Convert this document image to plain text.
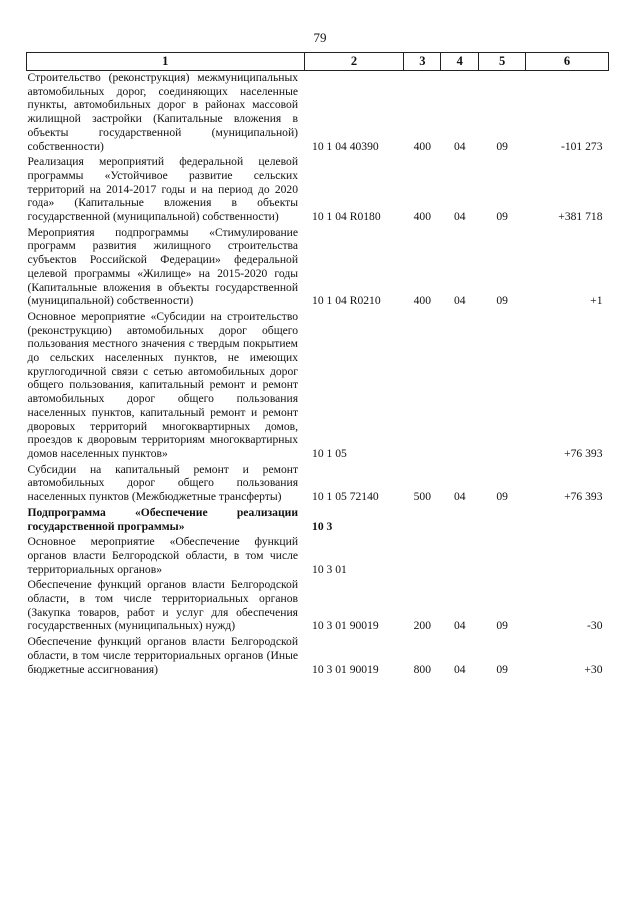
79
1	2	3	4	5	6
Строительство (реконструкция) межмуниципальных автомобильных дорог, соединяющих населенные пункты, автомобильных дорог в районах массовой жилищной застройки (Капитальные вложения в объекты государственной (муниципальной) собственности)	10 1 04 40390	400	04	09	-101 273
Реализация мероприятий федеральной целевой программы «Устойчивое развитие сельских территорий на 2014-2017 годы и на период до 2020 года» (Капитальные вложения в объекты государственной (муниципальной) собственности)	10 1 04 R0180	400	04	09	+381 718
Мероприятия подпрограммы «Стимулирование программ развития жилищного строительства субъектов Российской Федерации» федеральной целевой программы «Жилище» на 2015-2020 годы (Капитальные вложения в объекты государственной (муниципальной) собственности)	10 1 04 R0210	400	04	09	+1
Основное мероприятие «Субсидии на строительство (реконструкцию) автомобильных дорог общего пользования местного значения с твердым покрытием до сельских населенных пунктов, не имеющих круглогодичной связи с сетью автомобильных дорог общего пользования, капитальный ремонт и ремонт автомобильных дорог общего пользования населенных пунктов, капитальный ремонт и ремонт дворовых территорий многоквартирных домов, проездов к дворовым территориям многоквартирных домов населенных пунктов»	10 1 05				+76 393
Субсидии на капитальный ремонт и ремонт автомобильных дорог общего пользования населенных пунктов (Межбюджетные трансферты)	10 1 05 72140	500	04	09	+76 393
Подпрограмма «Обеспечение реализации государственной программы»	10 3				
Основное мероприятие «Обеспечение функций органов власти Белгородской области, в том числе территориальных органов»	10 3 01				
Обеспечение функций органов власти Белгородской области, в том числе территориальных органов (Закупка товаров, работ и услуг для обеспечения государственных (муниципальных) нужд)	10 3 01 90019	200	04	09	-30
Обеспечение функций органов власти Белгородской области, в том числе территориальных органов (Иные бюджетные ассигнования)	10 3 01 90019	800	04	09	+30
